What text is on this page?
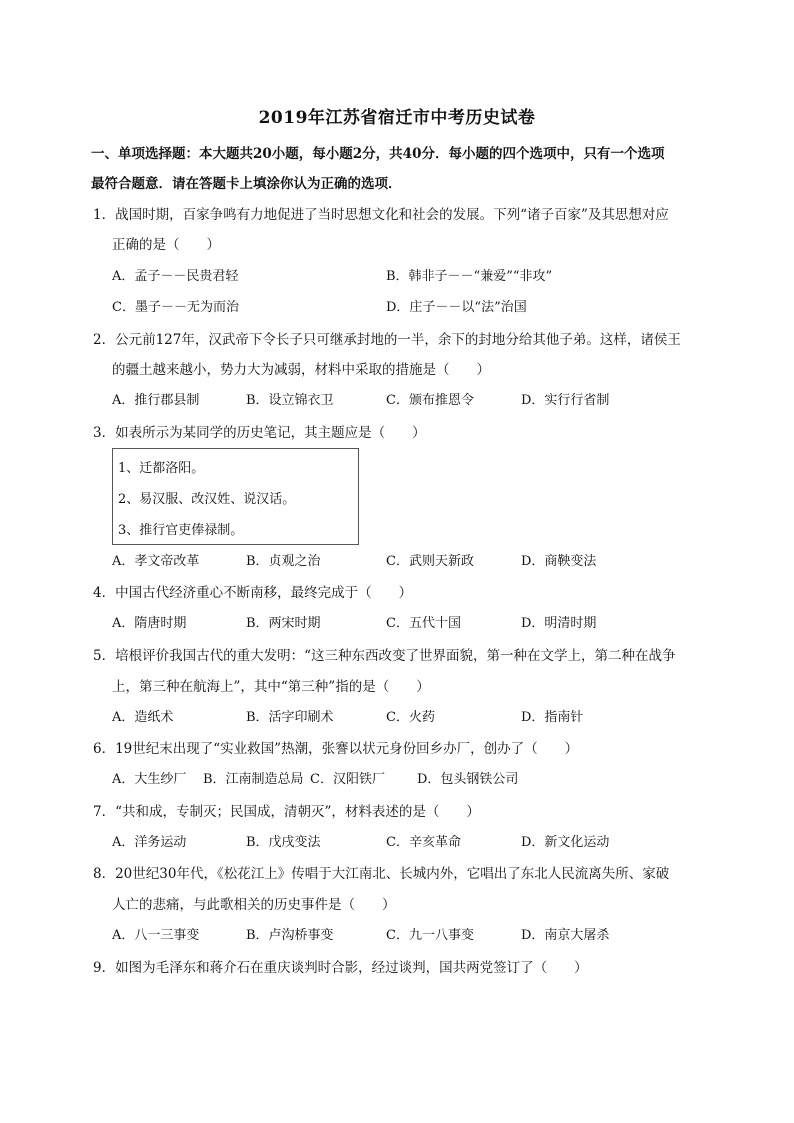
2019年江苏省宿迁市中考历史试卷
一、单项选择题：本大题共20小题，每小题2分，共40分．每小题的四个选项中，只有一个选项
最符合题意．请在答题卡上填涂你认为正确的选项．
1．战国时期，百家争鸣有力地促进了当时思想文化和社会的发展。下列“诸子百家”及其思想对应
正确的是（　　）
A．孟子－－民贵君轻	B．韩非子－－“兼爱”“非攻”
C．墨子－－无为而治	D．庄子－－以“法”治国
2．公元前127年，汉武帝下令长子只可继承封地的一半，余下的封地分给其他子弟。这样，诸侯王
的疆土越来越小，势力大为减弱，材料中采取的措施是（　　）
A．推行郡县制	B．设立锦衣卫	C．颁布推恩令	D．实行行省制
3．如表所示为某同学的历史笔记，其主题应是（　　）
1、迁都洛阳。
2、易汉服、改汉姓、说汉话。
3、推行官吏俸禄制。
A．孝文帝改革	B．贞观之治	C．武则天新政	D．商鞅变法
4．中国古代经济重心不断南移，最终完成于（　　）
A．隋唐时期	B．两宋时期	C．五代十国	D．明清时期
5．培根评价我国古代的重大发明：“这三种东西改变了世界面貌，第一种在文学上，第二种在战争
上，第三种在航海上”，其中“第三种”指的是（　　）
A．造纸术	B．活字印刷术	C．火药	D．指南针
6．19世纪末出现了“实业救国”热潮，张謇以状元身份回乡办厂，创办了（　　）
A．大生纱厂 B．江南制造总局 C．汉阳铁厂 D．包头钢铁公司
7．“共和成，专制灭；民国成，清朝灭”，材料表述的是（　　）
A．洋务运动	B．戊戌变法	C．辛亥革命	D．新文化运动
8．20世纪30年代，《松花江上》传唱于大江南北、长城内外，它唱出了东北人民流离失所、家破
人亡的悲痛，与此歌相关的历史事件是（　　）
A．八一三事变	B．卢沟桥事变	C．九一八事变	D．南京大屠杀
9．如图为毛泽东和蒋介石在重庆谈判时合影，经过谈判，国共两党签订了（　　）
